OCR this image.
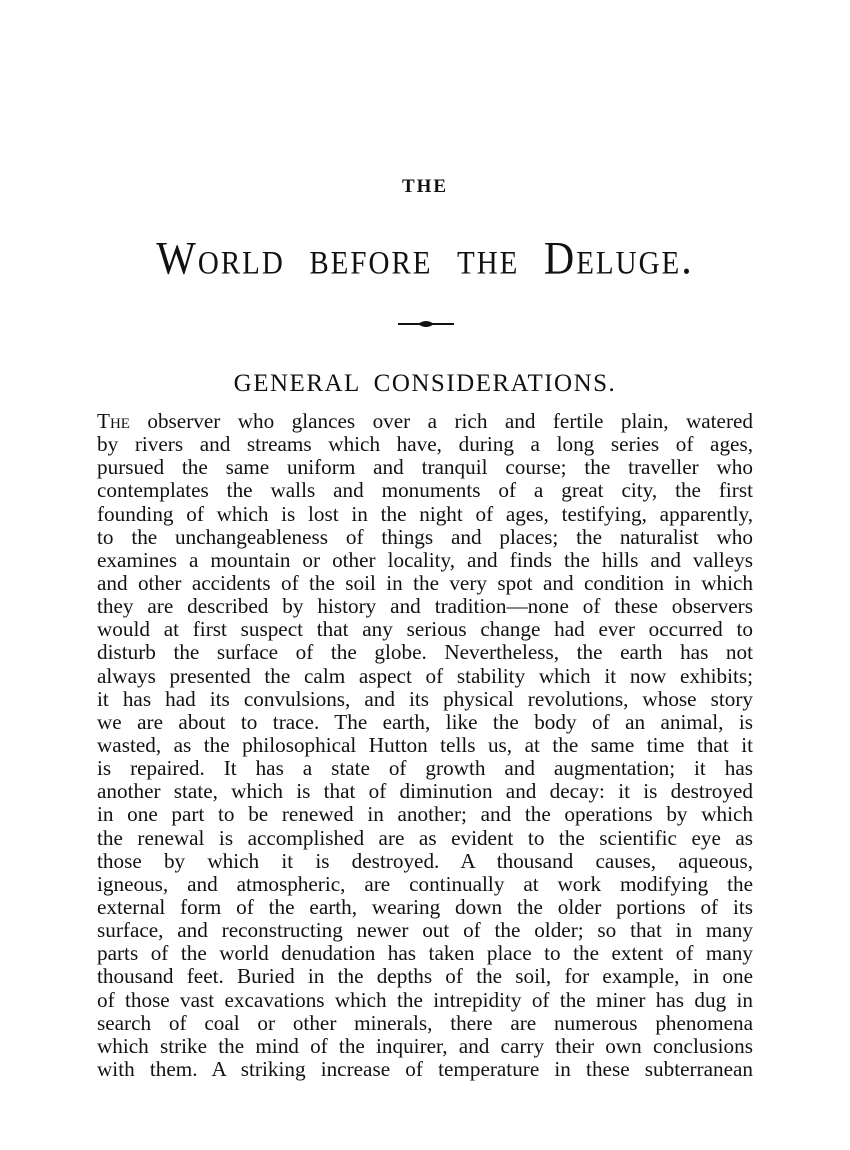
THE
World before the Deluge.
GENERAL CONSIDERATIONS.
The observer who glances over a rich and fertile plain, watered
by rivers and streams which have, during a long series of ages,
pursued the same uniform and tranquil course; the traveller who
contemplates the walls and monuments of a great city, the first
founding of which is lost in the night of ages, testifying, apparently,
to the unchangeableness of things and places; the naturalist who
examines a mountain or other locality, and finds the hills and valleys
and other accidents of the soil in the very spot and condition in which
they are described by history and tradition—none of these observers
would at first suspect that any serious change had ever occurred to
disturb the surface of the globe. Nevertheless, the earth has not
always presented the calm aspect of stability which it now exhibits;
it has had its convulsions, and its physical revolutions, whose story
we are about to trace. The earth, like the body of an animal, is
wasted, as the philosophical Hutton tells us, at the same time that it
is repaired. It has a state of growth and augmentation; it has
another state, which is that of diminution and decay: it is destroyed
in one part to be renewed in another; and the operations by which
the renewal is accomplished are as evident to the scientific eye as
those by which it is destroyed. A thousand causes, aqueous,
igneous, and atmospheric, are continually at work modifying the
external form of the earth, wearing down the older portions of its
surface, and reconstructing newer out of the older; so that in many
parts of the world denudation has taken place to the extent of many
thousand feet. Buried in the depths of the soil, for example, in one
of those vast excavations which the intrepidity of the miner has dug in
search of coal or other minerals, there are numerous phenomena
which strike the mind of the inquirer, and carry their own conclusions
with them. A striking increase of temperature in these subterranean
